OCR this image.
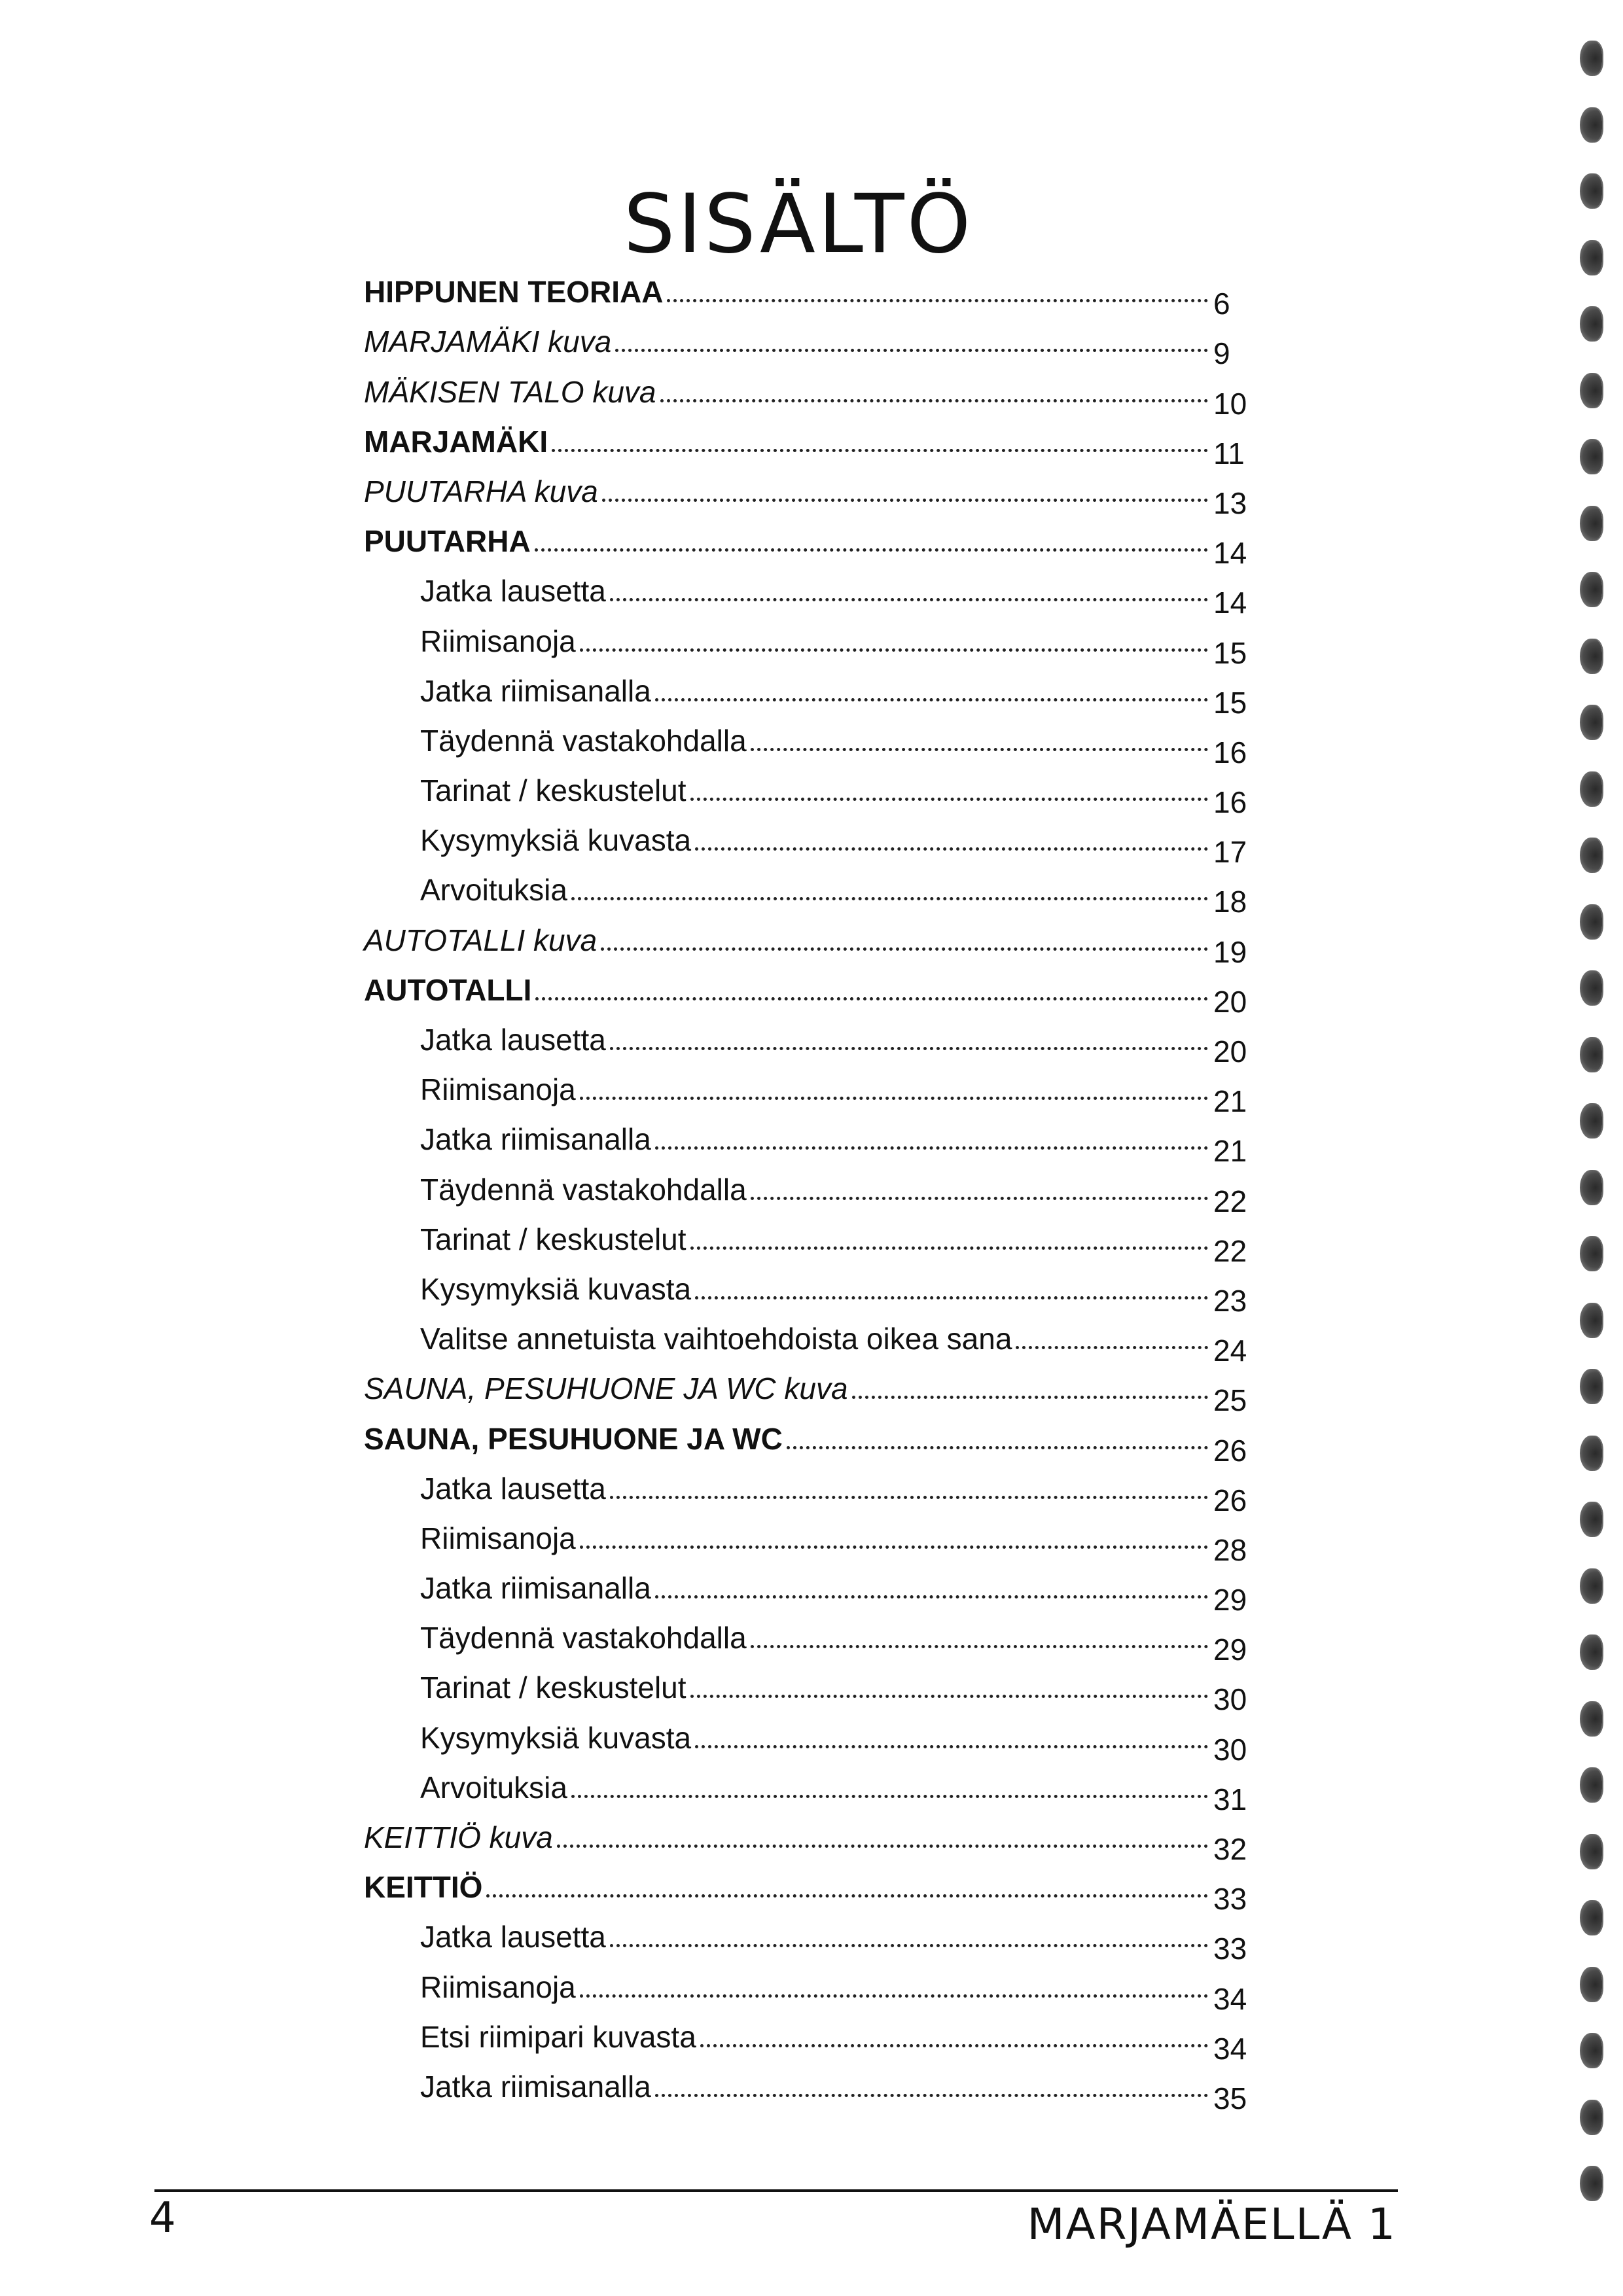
SISÄLTÖ
HIPPUNEN TEORIAA	6
MARJAMÄKI kuva	9
MÄKISEN TALO kuva	10
MARJAMÄKI	11
PUUTARHA kuva	13
PUUTARHA	14
Jatka lausetta	14
Riimisanoja	15
Jatka riimisanalla	15
Täydennä vastakohdalla	16
Tarinat / keskustelut	16
Kysymyksiä kuvasta	17
Arvoituksia	18
AUTOTALLI kuva	19
AUTOTALLI	20
Jatka lausetta	20
Riimisanoja	21
Jatka riimisanalla	21
Täydennä vastakohdalla	22
Tarinat / keskustelut	22
Kysymyksiä kuvasta	23
Valitse annetuista vaihtoehdoista oikea sana	24
SAUNA, PESUHUONE JA WC kuva	25
SAUNA, PESUHUONE JA WC	26
Jatka lausetta	26
Riimisanoja	28
Jatka riimisanalla	29
Täydennä vastakohdalla	29
Tarinat / keskustelut	30
Kysymyksiä kuvasta	30
Arvoituksia	31
KEITTIÖ kuva	32
KEITTIÖ	33
Jatka lausetta	33
Riimisanoja	34
Etsi riimipari kuvasta	34
Jatka riimisanalla	35
4	MARJAMÄELLÄ 1
